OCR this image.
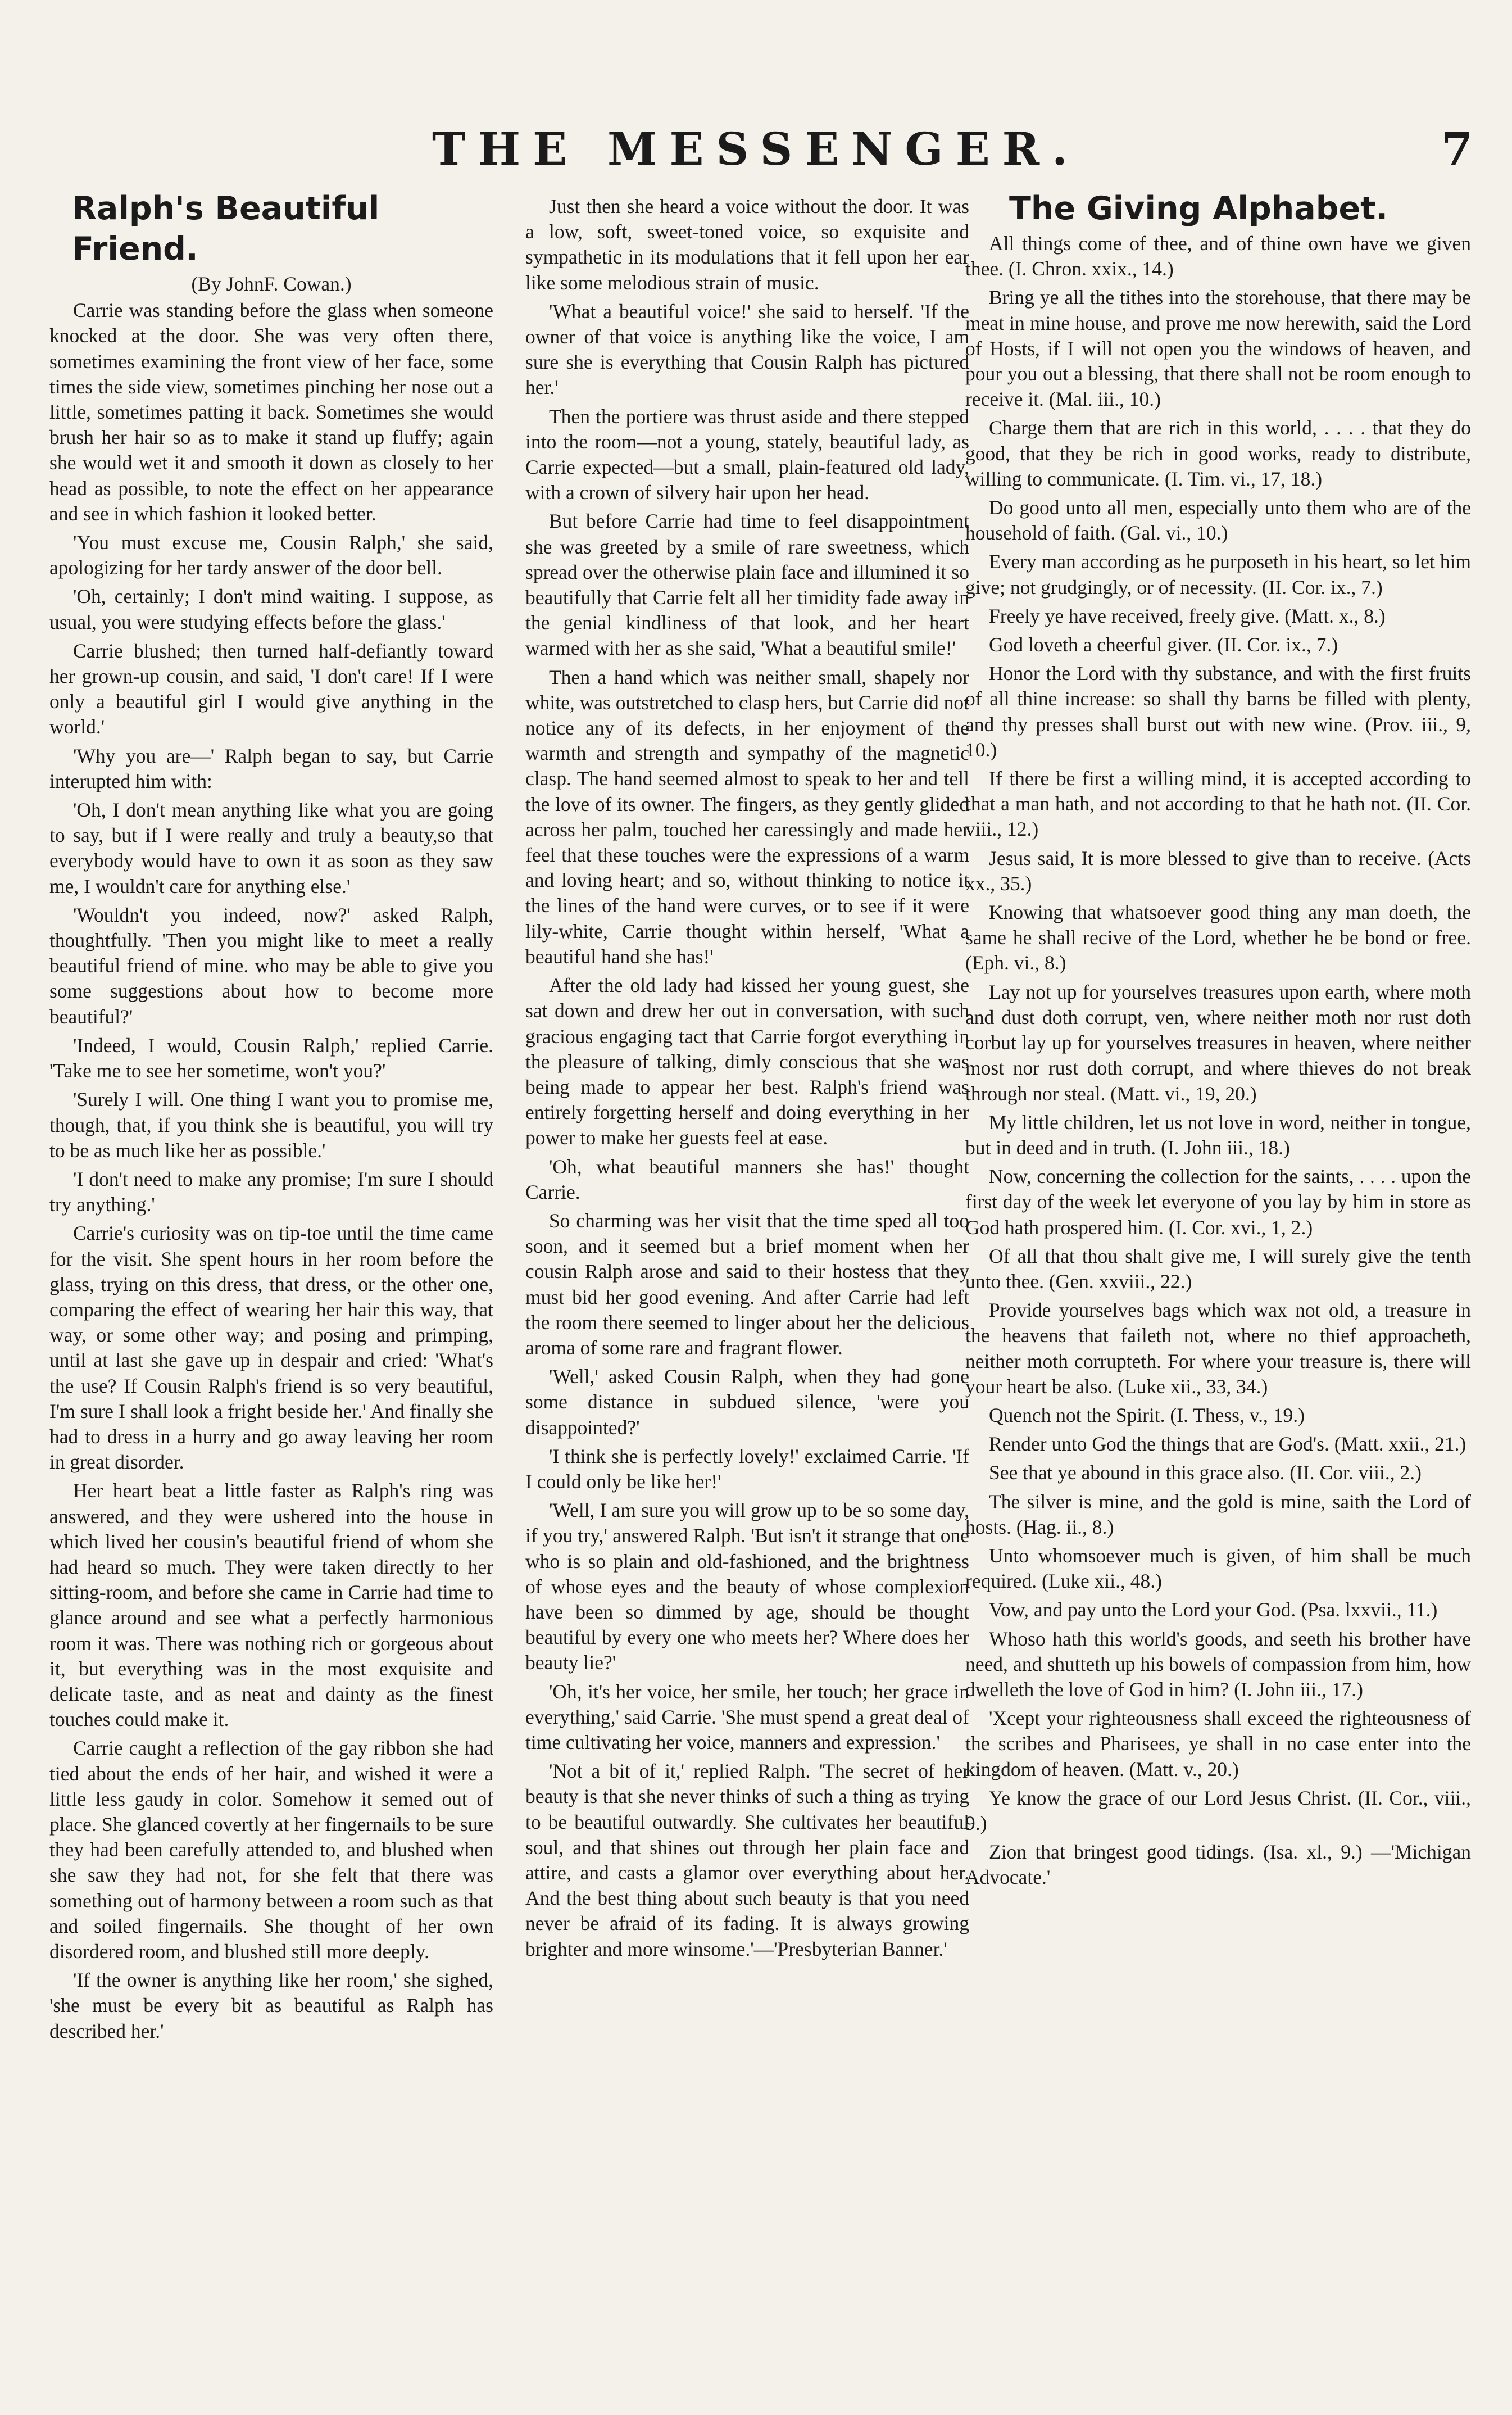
THE MESSENGER.	7
Ralph's Beautiful Friend.
(By JohnF. Cowan.)

Carrie was standing before the glass when someone knocked at the door. She was very often there, sometimes examining the front view of her face, some times the side view, sometimes pinching her nose out a little, sometimes patting it back. Sometimes she would brush her hair so as to make it stand up fluffy; again she would wet it and smooth it down as closely to her head as possible, to note the effect on her appearance and see in which fashion it looked better.

'You must excuse me, Cousin Ralph,' she said, apologizing for her tardy answer of the door bell.

'Oh, certainly; I don't mind waiting. I suppose, as usual, you were studying effects before the glass.'

Carrie blushed; then turned half-defiantly toward her grown-up cousin, and said, 'I don't care! If I were only a beautiful girl I would give anything in the world.'

'Why you are—' Ralph began to say, but Carrie interupted him with:

'Oh, I don't mean anything like what you are going to say, but if I were really and truly a beauty,so that everybody would have to own it as soon as they saw me, I wouldn't care for anything else.'

'Wouldn't you indeed, now?' asked Ralph, thoughtfully. 'Then you might like to meet a really beautiful friend of mine. who may be able to give you some suggestions about how to become more beautiful?'

'Indeed, I would, Cousin Ralph,' replied Carrie. 'Take me to see her sometime, won't you?'

'Surely I will. One thing I want you to promise me, though, that, if you think she is beautiful, you will try to be as much like her as possible.'

'I don't need to make any promise; I'm sure I should try anything.'

Carrie's curiosity was on tip-toe until the time came for the visit. She spent hours in her room before the glass, trying on this dress, that dress, or the other one, comparing the effect of wearing her hair this way, that way, or some other way; and posing and primping, until at last she gave up in despair and cried: 'What's the use? If Cousin Ralph's friend is so very beautiful, I'm sure I shall look a fright beside her.' And finally she had to dress in a hurry and go away leaving her room in great disorder.

Her heart beat a little faster as Ralph's ring was answered, and they were ushered into the house in which lived her cousin's beautiful friend of whom she had heard so much. They were taken directly to her sitting-room, and before she came in Carrie had time to glance around and see what a perfectly harmonious room it was. There was nothing rich or gorgeous about it, but everything was in the most exquisite and delicate taste, and as neat and dainty as the finest touches could make it.

Carrie caught a reflection of the gay ribbon she had tied about the ends of her hair, and wished it were a little less gaudy in color. Somehow it semed out of place. She glanced covertly at her fingernails to be sure they had been carefully attended to, and blushed when she saw they had not, for she felt that there was something out of harmony between a room such as that and soiled fingernails. She thought of her own disordered room, and blushed still more deeply.

'If the owner is anything like her room,' she sighed, 'she must be every bit as beautiful as Ralph has described her.'

Just then she heard a voice without the door. It was a low, soft, sweet-toned voice, so exquisite and sympathetic in its modulations that it fell upon her ear like some melodious strain of music.

'What a beautiful voice!' she said to herself. 'If the owner of that voice is anything like the voice, I am sure she is everything that Cousin Ralph has pictured her.'

Then the portiere was thrust aside and there stepped into the room—not a young, stately, beautiful lady, as Carrie expected—but a small, plain-featured old lady, with a crown of silvery hair upon her head.

But before Carrie had time to feel disappointment she was greeted by a smile of rare sweetness, which spread over the otherwise plain face and illumined it so beautifully that Carrie felt all her timidity fade away in the genial kindliness of that look, and her heart warmed with her as she said, 'What a beautiful smile!'

Then a hand which was neither small, shapely nor white, was outstretched to clasp hers, but Carrie did not notice any of its defects, in her enjoyment of the warmth and strength and sympathy of the magnetic clasp. The hand seemed almost to speak to her and tell the love of its owner. The fingers, as they gently glided across her palm, touched her caressingly and made her feel that these touches were the expressions of a warm and loving heart; and so, without thinking to notice it the lines of the hand were curves, or to see if it were lily-white, Carrie thought within herself, 'What a beautiful hand she has!'

After the old lady had kissed her young guest, she sat down and drew her out in conversation, with such gracious engaging tact that Carrie forgot everything in the pleasure of talking, dimly conscious that she was being made to appear her best. Ralph's friend was entirely forgetting herself and doing everything in her power to make her guests feel at ease.

'Oh, what beautiful manners she has!' thought Carrie.

So charming was her visit that the time sped all too soon, and it seemed but a brief moment when her cousin Ralph arose and said to their hostess that they must bid her good evening. And after Carrie had left the room there seemed to linger about her the delicious aroma of some rare and fragrant flower.

'Well,' asked Cousin Ralph, when they had gone some distance in subdued silence, 'were you disappointed?'

'I think she is perfectly lovely!' exclaimed Carrie. 'If I could only be like her!'

'Well, I am sure you will grow up to be so some day, if you try,' answered Ralph. 'But isn't it strange that one who is so plain and old-fashioned, and the brightness of whose eyes and the beauty of whose complexion have been so dimmed by age, should be thought beautiful by every one who meets her? Where does her beauty lie?'

'Oh, it's her voice, her smile, her touch; her grace in everything,' said Carrie. 'She must spend a great deal of time cultivating her voice, manners and expression.'

'Not a bit of it,' replied Ralph. 'The secret of her beauty is that she never thinks of such a thing as trying to be beautiful outwardly. She cultivates her beautiful soul, and that shines out through her plain face and attire, and casts a glamor over everything about her. And the best thing about such beauty is that you need never be afraid of its fading. It is always growing brighter and more winsome.'—'Presbyterian Banner.'

The Giving Alphabet.

All things come of thee, and of thine own have we given thee. (I. Chron. xxix., 14.)

Bring ye all the tithes into the storehouse, that there may be meat in mine house, and prove me now herewith, said the Lord of Hosts, if I will not open you the windows of heaven, and pour you out a blessing, that there shall not be room enough to receive it. (Mal. iii., 10.)

Charge them that are rich in this world, . . . . that they do good, that they be rich in good works, ready to distribute, willing to communicate. (I. Tim. vi., 17, 18.)

Do good unto all men, especially unto them who are of the household of faith. (Gal. vi., 10.)

Every man according as he purposeth in his heart, so let him give; not grudgingly, or of necessity. (II. Cor. ix., 7.)

Freely ye have received, freely give. (Matt. x., 8.)

God loveth a cheerful giver. (II. Cor. ix., 7.)

Honor the Lord with thy substance, and with the first fruits of all thine increase: so shall thy barns be filled with plenty, and thy presses shall burst out with new wine. (Prov. iii., 9, 10.)

If there be first a willing mind, it is accepted according to that a man hath, and not according to that he hath not. (II. Cor. viii., 12.)

Jesus said, It is more blessed to give than to receive. (Acts xx., 35.)

Knowing that whatsoever good thing any man doeth, the same he shall recive of the Lord, whether he be bond or free. (Eph. vi., 8.)

Lay not up for yourselves treasures upon earth, where moth and dust doth corrupt, ven, where neither moth nor rust doth corbut lay up for yourselves treasures in heaven, where neither most nor rust doth corrupt, and where thieves do not break through nor steal. (Matt. vi., 19, 20.)

My little children, let us not love in word, neither in tongue, but in deed and in truth. (I. John iii., 18.)

Now, concerning the collection for the saints, . . . . upon the first day of the week let everyone of you lay by him in store as God hath prospered him. (I. Cor. xvi., 1, 2.)

Of all that thou shalt give me, I will surely give the tenth unto thee. (Gen. xxviii., 22.)

Provide yourselves bags which wax not old, a treasure in the heavens that faileth not, where no thief approacheth, neither moth corrupteth. For where your treasure is, there will your heart be also. (Luke xii., 33, 34.)

Quench not the Spirit. (I. Thess, v., 19.)

Render unto God the things that are God's. (Matt. xxii., 21.)

See that ye abound in this grace also. (II. Cor. viii., 2.)

The silver is mine, and the gold is mine, saith the Lord of hosts. (Hag. ii., 8.)

Unto whomsoever much is given, of him shall be much required. (Luke xii., 48.)

Vow, and pay unto the Lord your God. (Psa. lxxvii., 11.)

Whoso hath this world's goods, and seeth his brother have need, and shutteth up his bowels of compassion from him, how dwelleth the love of God in him? (I. John iii., 17.)

'Xcept your righteousness shall exceed the righteousness of the scribes and Pharisees, ye shall in no case enter into the kingdom of heaven. (Matt. v., 20.)

Ye know the grace of our Lord Jesus Christ. (II. Cor., viii., 9.)

Zion that bringest good tidings. (Isa. xl., 9.) —'Michigan Advocate.'
